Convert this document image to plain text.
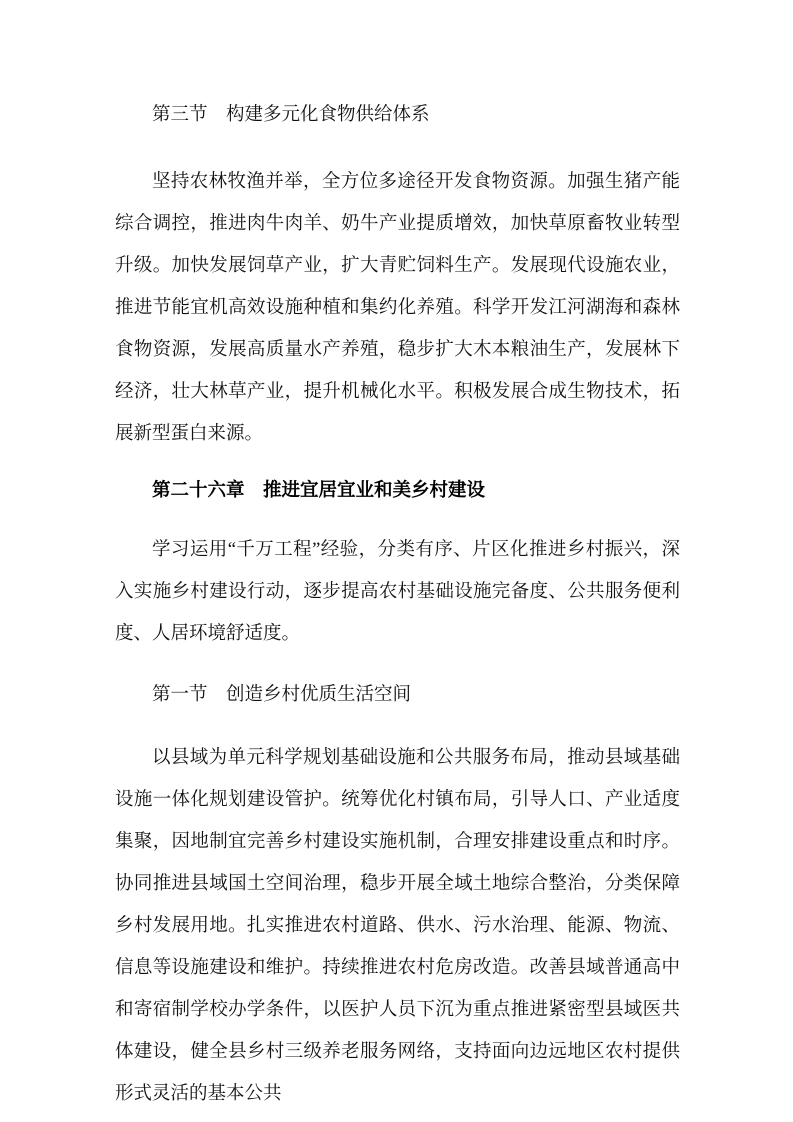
第三节　构建多元化食物供给体系

坚持农林牧渔并举，全方位多途径开发食物资源。加强生猪产能综合调控，推进肉牛肉羊、奶牛产业提质增效，加快草原畜牧业转型升级。加快发展饲草产业，扩大青贮饲料生产。发展现代设施农业，推进节能宜机高效设施种植和集约化养殖。科学开发江河湖海和森林食物资源，发展高质量水产养殖，稳步扩大木本粮油生产，发展林下经济，壮大林草产业，提升机械化水平。积极发展合成生物技术，拓展新型蛋白来源。

第二十六章　推进宜居宜业和美乡村建设

学习运用“千万工程”经验，分类有序、片区化推进乡村振兴，深入实施乡村建设行动，逐步提高农村基础设施完备度、公共服务便利度、人居环境舒适度。

第一节　创造乡村优质生活空间

以县域为单元科学规划基础设施和公共服务布局，推动县域基础设施一体化规划建设管护。统筹优化村镇布局，引导人口、产业适度集聚，因地制宜完善乡村建设实施机制，合理安排建设重点和时序。协同推进县域国土空间治理，稳步开展全域土地综合整治，分类保障乡村发展用地。扎实推进农村道路、供水、污水治理、能源、物流、信息等设施建设和维护。持续推进农村危房改造。改善县域普通高中和寄宿制学校办学条件，以医护人员下沉为重点推进紧密型县域医共体建设，健全县乡村三级养老服务网络，支持面向边远地区农村提供形式灵活的基本公共
